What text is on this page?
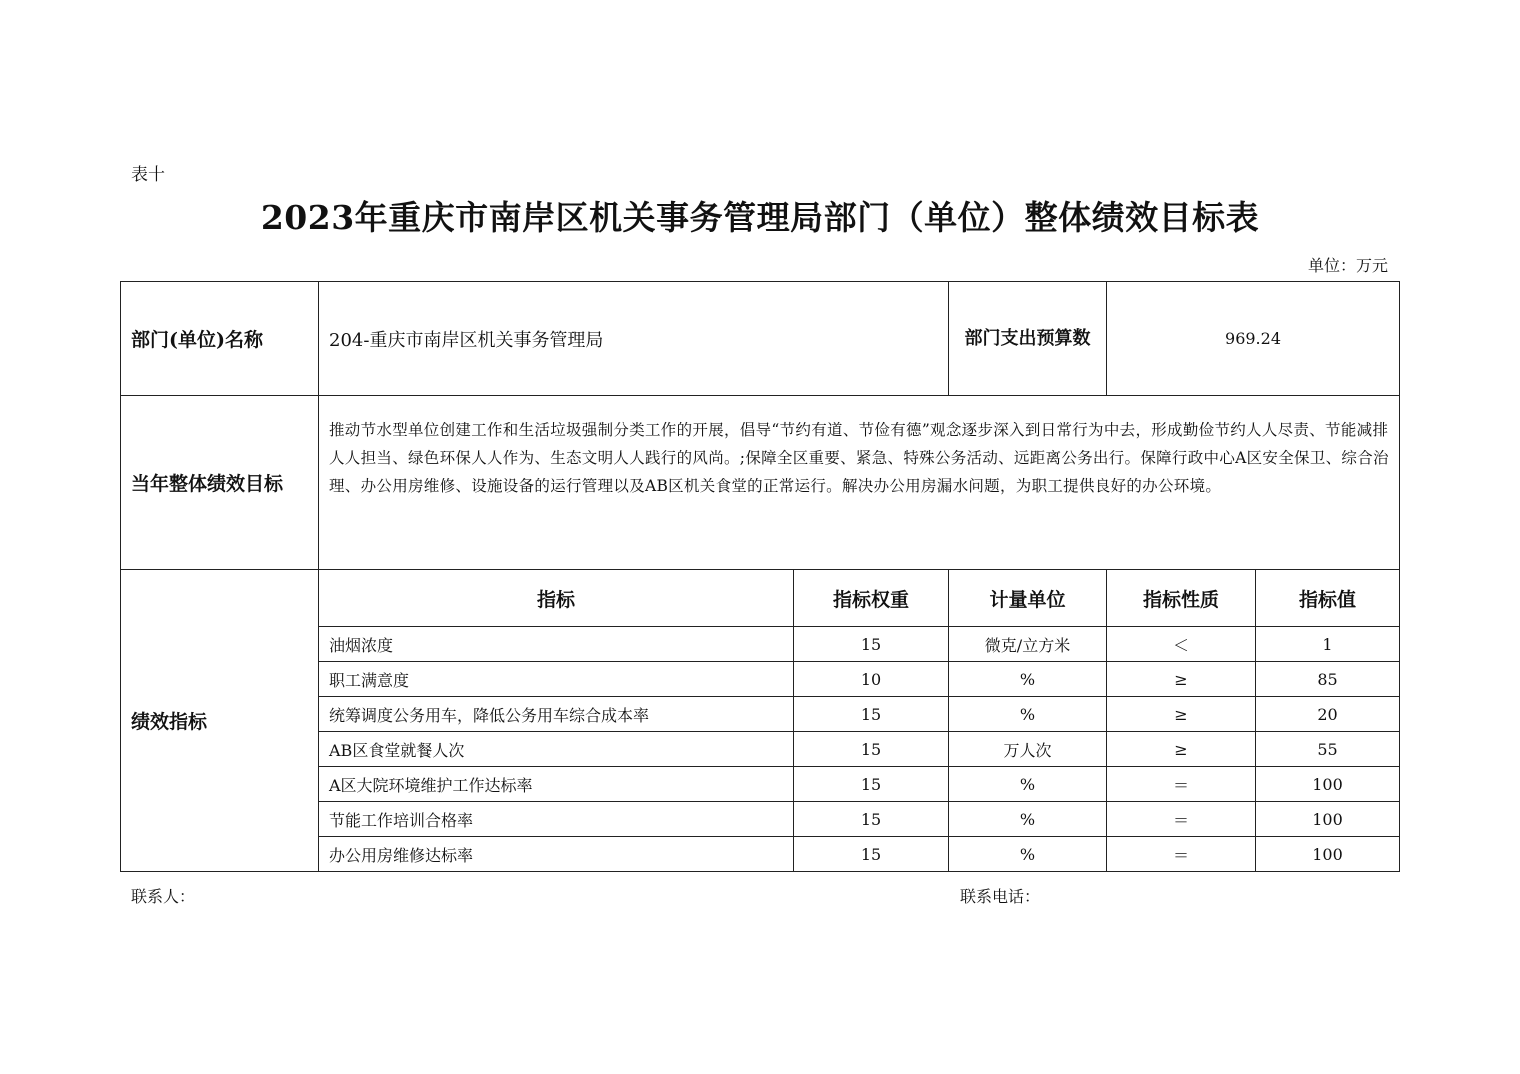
表十
2023年重庆市南岸区机关事务管理局部门（单位）整体绩效目标表
单位：万元
部门(单位)名称	204-重庆市南岸区机关事务管理局		部门支出预算数	969.24	
当年整体绩效目标	推动节水型单位创建工作和生活垃圾强制分类工作的开展，倡导“节约有道、节俭有德”观念逐步深入到日常行为中去，形成勤俭节约人人尽责、节能减排人人担当、绿色环保人人作为、生态文明人人践行的风尚。;保障全区重要、紧急、特殊公务活动、远距离公务出行。保障行政中心A区安全保卫、综合治理、办公用房维修、设施设备的运行管理以及AB区机关食堂的正常运行。解决办公用房漏水问题，为职工提供良好的办公环境。				
绩效指标	指标	指标权重	计量单位	指标性质	指标值
	油烟浓度	15	微克/立方米	＜	1
	职工满意度	10	%	≥	85
	统筹调度公务用车，降低公务用车综合成本率	15	%	≥	20
	AB区食堂就餐人次	15	万人次	≥	55
	A区大院环境维护工作达标率	15	%	＝	100
	节能工作培训合格率	15	%	＝	100
	办公用房维修达标率	15	%	＝	100
联系人：	联系电话：
